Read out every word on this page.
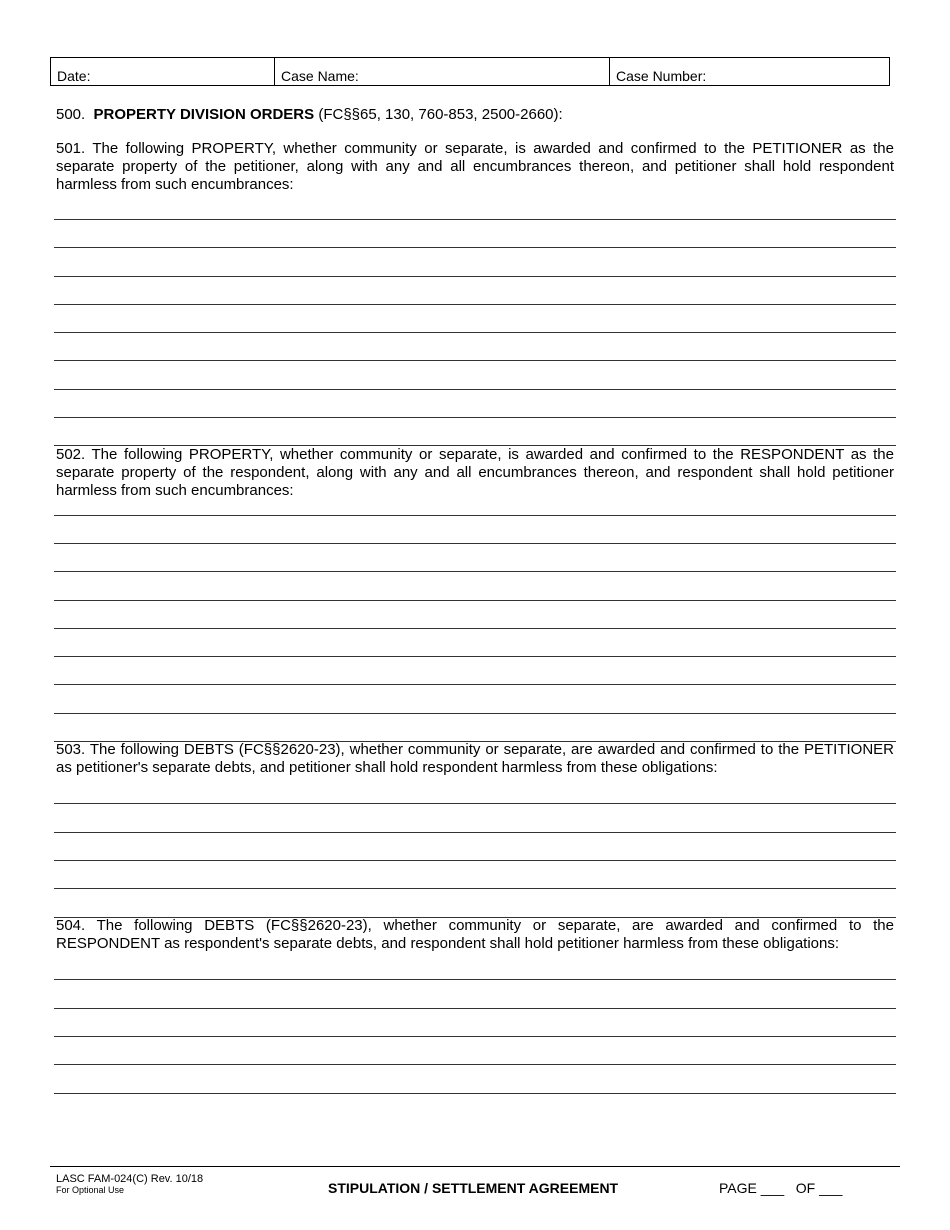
Date:	Case Name:	Case Number:
500. PROPERTY DIVISION ORDERS (FC§§65, 130, 760-853, 2500-2660):
501. The following PROPERTY, whether community or separate, is awarded and confirmed to the PETITIONER as the separate property of the petitioner, along with any and all encumbrances thereon, and petitioner shall hold respondent harmless from such encumbrances:
502. The following PROPERTY, whether community or separate, is awarded and confirmed to the RESPONDENT as the separate property of the respondent, along with any and all encumbrances thereon, and respondent shall hold petitioner harmless from such encumbrances:
503. The following DEBTS (FC§§2620-23), whether community or separate, are awarded and confirmed to the PETITIONER as petitioner's separate debts, and petitioner shall hold respondent harmless from these obligations:
504. The following DEBTS (FC§§2620-23), whether community or separate, are awarded and confirmed to the RESPONDENT as respondent's separate debts, and respondent shall hold petitioner harmless from these obligations:
LASC FAM-024(C) Rev. 10/18
For Optional Use	STIPULATION / SETTLEMENT AGREEMENT	PAGE ___   OF ___
